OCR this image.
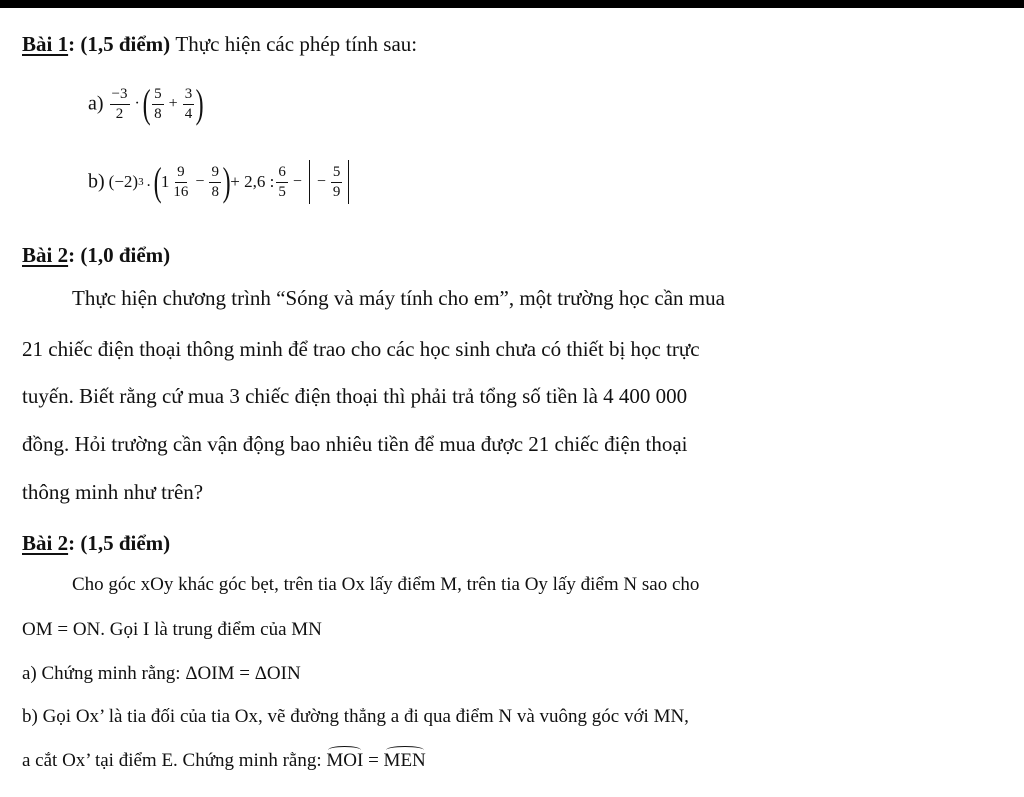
Bài 1: (1,5 điểm) Thực hiện các phép tính sau:
$a) \frac{-3}{2}$ ·( $\frac{5}{8} + \frac{3}{4}$ )
b) (−2)3 $.(1 \frac{9}{16} - \frac{9}{8}$ )+ 2,6 : $\frac{6}{5}$ − − $\frac{5}{9}$
Bài 2: (1,0 điểm)
Thực hiện chương trình “Sóng và máy tính cho em”, một trường học cần mua
21 chiếc điện thoại thông minh để trao cho các học sinh chưa có thiết bị học trực
tuyến. Biết rằng cứ mua 3 chiếc điện thoại thì phải trả tổng số tiền là 4 400 000
đồng. Hỏi trường cần vận động bao nhiêu tiền để mua được 21 chiếc điện thoại
thông minh như trên?
Bài 2: (1,5 điểm)
Cho góc xOy khác góc bẹt, trên tia Ox lấy điểm M, trên tia Oy lấy điểm N sao cho
OM = ON. Gọi I là trung điểm của MN
a) Chứng minh rằng: ΔOIM = ΔOIN
b) Gọi Ox’ là tia đối của tia Ox, vẽ đường thẳng a đi qua điểm N và vuông góc với MN,
a cắt Ox’ tại điểm E. Chứng minh rằng: MOI = MEN
